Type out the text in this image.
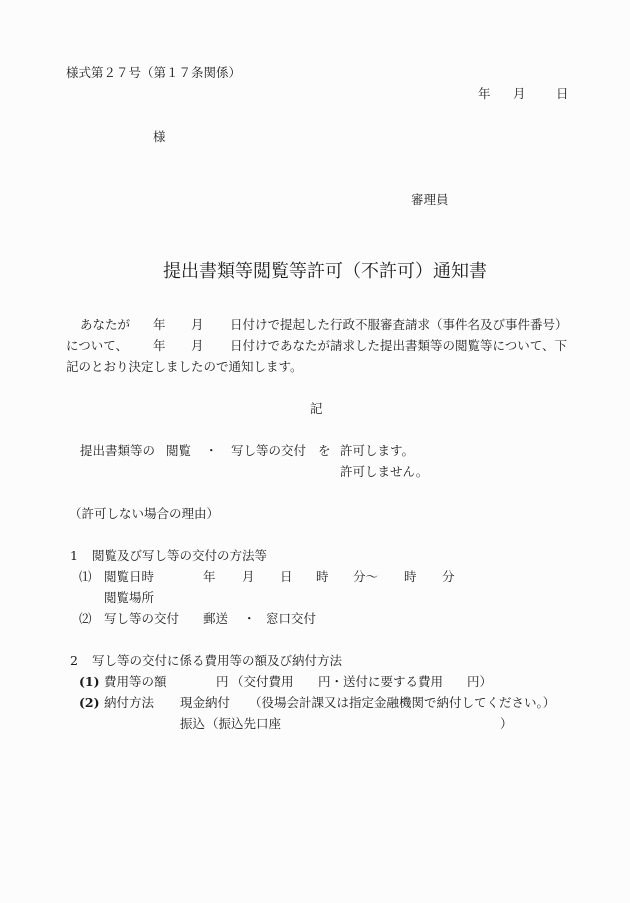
様式第２７号（第１７条関係）
年 月 日
様
審理員
提出書類等閲覧等許可（不許可）通知書
あなたが 年 月 日付けで提起した行政不服審査請求（事件名及び事件番号）
について、 年 月 日付けであなたが請求した提出書類等の閲覧等について、下
記のとおり決定しましたので通知します。
記
提出書類等の 閲覧 ・ 写し等の交付 を 許可します。
許可しません。
（許可しない場合の理由）
1 閲覧及び写し等の交付の方法等
⑴ 閲覧日時	年 月 日 時 分～ 時 分
閲覧場所
⑵ 写し等の交付 郵送 ・ 窓口交付
2 写し等の交付に係る費用等の額及び納付方法
(1) 費用等の額	円 （交付費用 円・送付に要する費用 円）
(2) 納付方法 現金納付 （役場会計課又は指定金融機関で納付してください。）
振込 （振込先口座	）
